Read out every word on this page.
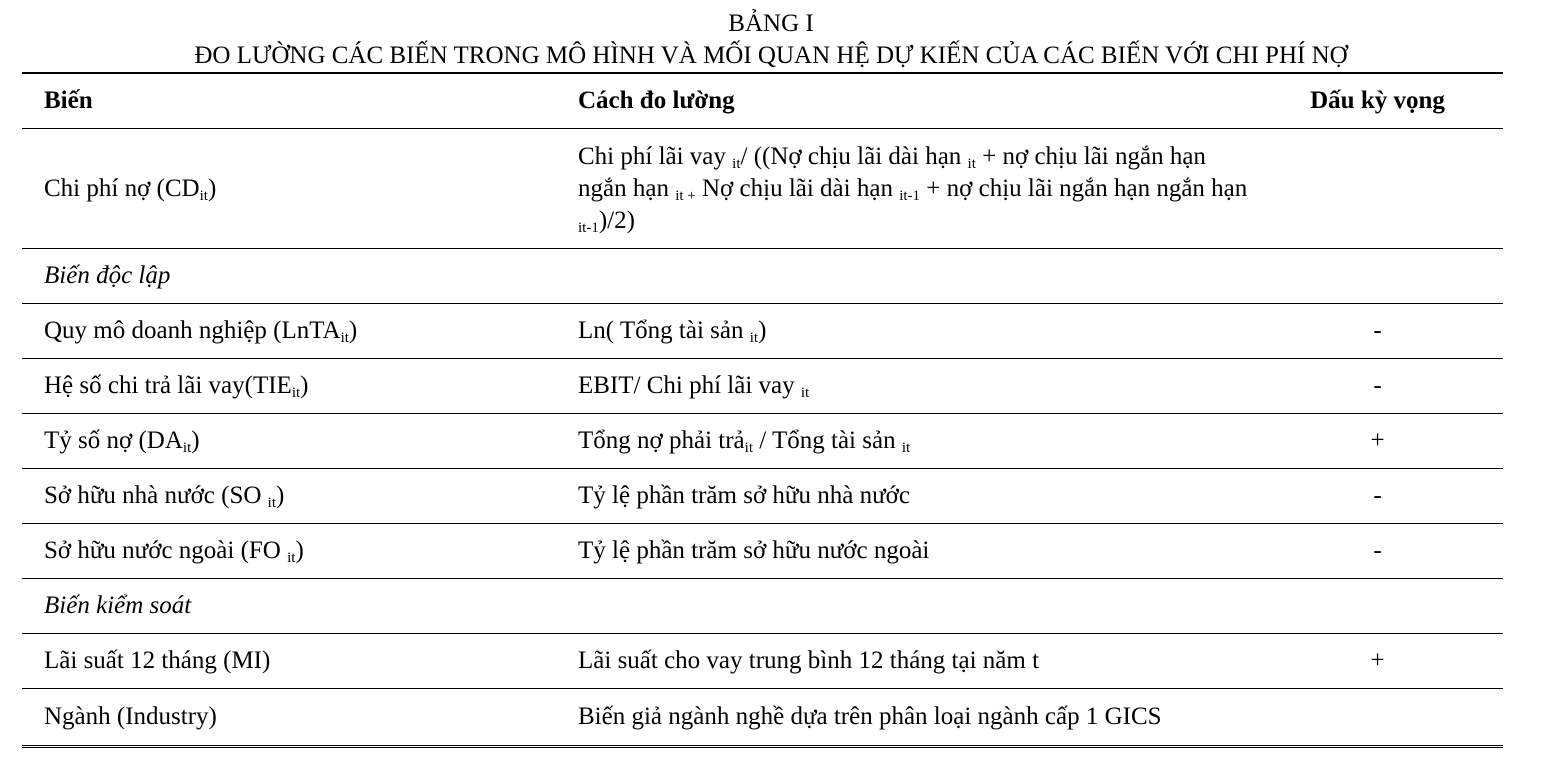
BẢNG I
ĐO LƯỜNG CÁC BIẾN TRONG MÔ HÌNH VÀ MỐI QUAN HỆ DỰ KIẾN CỦA CÁC BIẾN VỚI CHI PHÍ NỢ
Biến	Cách đo lường	Dấu kỳ vọng
Chi phí nợ $(CD_{it})$	Chi phí lãi vay $_{it}$/ ((Nợ chịu lãi dài hạn $_{it}$ + nợ chịu lãi ngắn hạn ngắn hạn $_{it +}$ Nợ chịu lãi dài hạn $_{it-1}$ + nợ chịu lãi ngắn hạn ngắn hạn $_{it-1}$)/2)	
Biến độc lập		
Quy mô doanh nghiệp (LnTA$_{it}$)	Ln( Tổng tài sản $_{it}$)	-
Hệ số chi trả lãi $vay(TIE_{it})$	EBIT/ Chi phí lãi vay $_{it}$	-
Tỷ số nợ $(DA_{it})$	Tổng nợ phải trả$_{it}$ / Tổng tài sản $_{it}$	+
Sở hữu nhà nước (SO $_{it}$)	Tỷ lệ phần trăm sở hữu nhà nước	-
Sở hữu nước ngoài (FO $_{it}$)	Tỷ lệ phần trăm sở hữu nước ngoài	-
Biến kiểm soát		
Lãi suất 12 tháng (MI)	Lãi suất cho vay trung bình 12 tháng tại năm t	+
Ngành (Industry)	Biến giả ngành nghề dựa trên phân loại ngành cấp 1 GICS	
